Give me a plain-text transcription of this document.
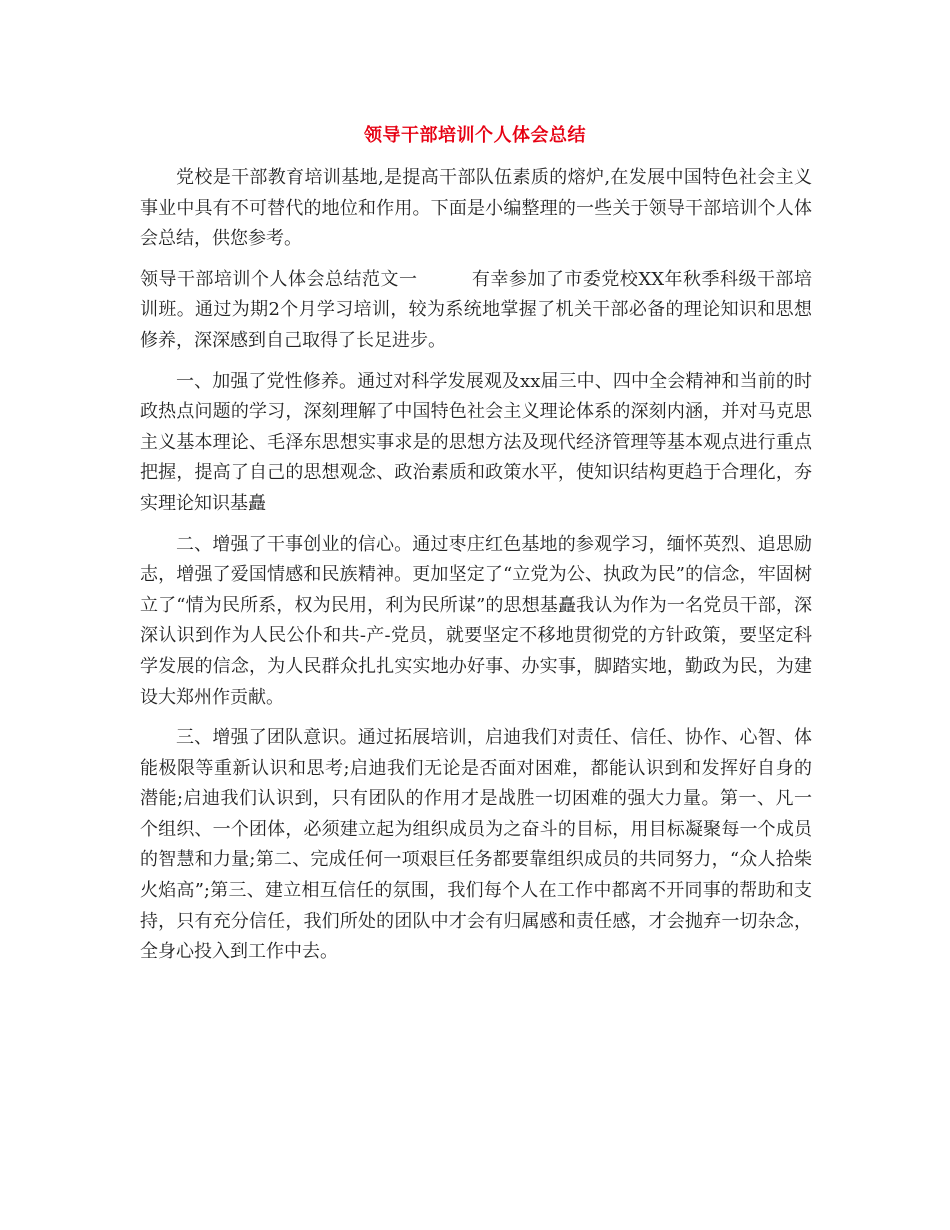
领导干部培训个人体会总结

党校是干部教育培训基地,是提高干部队伍素质的熔炉,在发展中国特色社会主义事业中具有不可替代的地位和作用。下面是小编整理的一些关于领导干部培训个人体会总结，供您参考。

领导干部培训个人体会总结范文一	有幸参加了市委党校XX年秋季科级干部培训班。通过为期2个月学习培训，较为系统地掌握了机关干部必备的理论知识和思想修养，深深感到自己取得了长足进步。

一、加强了党性修养。通过对科学发展观及xx届三中、四中全会精神和当前的时政热点问题的学习，深刻理解了中国特色社会主义理论体系的深刻内涵，并对马克思主义基本理论、毛泽东思想实事求是的思想方法及现代经济管理等基本观点进行重点把握，提高了自己的思想观念、政治素质和政策水平，使知识结构更趋于合理化，夯实理论知识基矗

二、增强了干事创业的信心。通过枣庄红色基地的参观学习，缅怀英烈、追思励志，增强了爱国情感和民族精神。更加坚定了“立党为公、执政为民”的信念，牢固树立了“情为民所系，权为民用，利为民所谋”的思想基矗我认为作为一名党员干部，深深认识到作为人民公仆和共-产-党员，就要坚定不移地贯彻党的方针政策，要坚定科学发展的信念，为人民群众扎扎实实地办好事、办实事，脚踏实地，勤政为民，为建设大郑州作贡献。

三、增强了团队意识。通过拓展培训，启迪我们对责任、信任、协作、心智、体能极限等重新认识和思考;启迪我们无论是否面对困难，都能认识到和发挥好自身的潜能;启迪我们认识到，只有团队的作用才是战胜一切困难的强大力量。第一、凡一个组织、一个团体，必须建立起为组织成员为之奋斗的目标，用目标凝聚每一个成员的智慧和力量;第二、完成任何一项艰巨任务都要靠组织成员的共同努力，“众人拾柴火焰高”;第三、建立相互信任的氛围，我们每个人在工作中都离不开同事的帮助和支持，只有充分信任，我们所处的团队中才会有归属感和责任感，才会抛弃一切杂念，全身心投入到工作中去。
